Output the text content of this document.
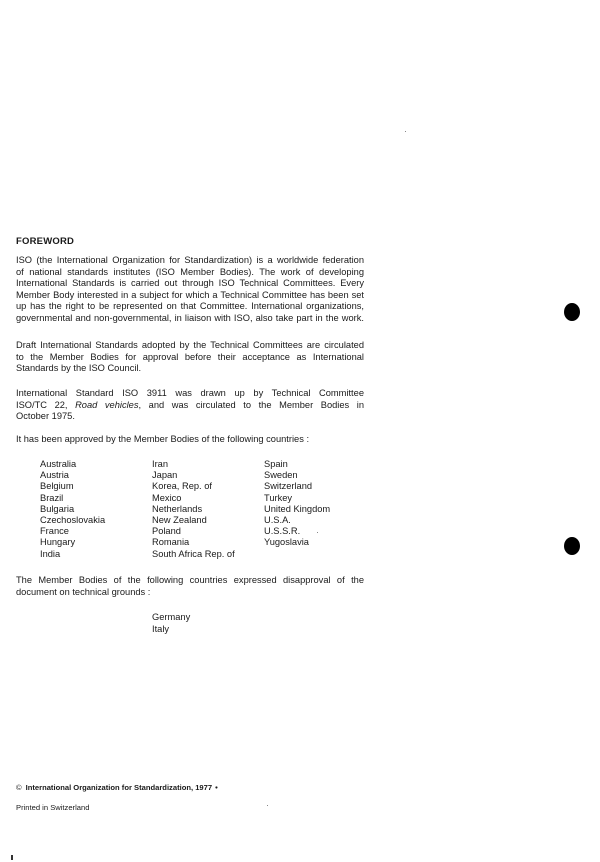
FOREWORD
ISO (the International Organization for Standardization) is a worldwide federation
of national standards institutes (ISO Member Bodies). The work of developing
International Standards is carried out through ISO Technical Committees. Every
Member Body interested in a subject for which a Technical Committee has been set
up has the right to be represented on that Committee. International organizations,
governmental and non-governmental, in liaison with ISO, also take part in the work.
Draft International Standards adopted by the Technical Committees are circulated
to the Member Bodies for approval before their acceptance as International
Standards by the ISO Council.
International Standard ISO 3911 was drawn up by Technical Committee
ISO/TC 22, Road vehicles, and was circulated to the Member Bodies in
October 1975.
It has been approved by the Member Bodies of the following countries :
Australia
Austria
Belgium
Brazil
Bulgaria
Czechoslovakia
France
Hungary
India
Iran
Japan
Korea, Rep. of
Mexico
Netherlands
New Zealand
Poland
Romania
South Africa Rep. of
Spain
Sweden
Switzerland
Turkey
United Kingdom
U.S.A.
U.S.S.R.
Yugoslavia
The Member Bodies of the following countries expressed disapproval of the
document on technical grounds :
Germany
Italy
© International Organization for Standardization, 1977 •
Printed in Switzerland
